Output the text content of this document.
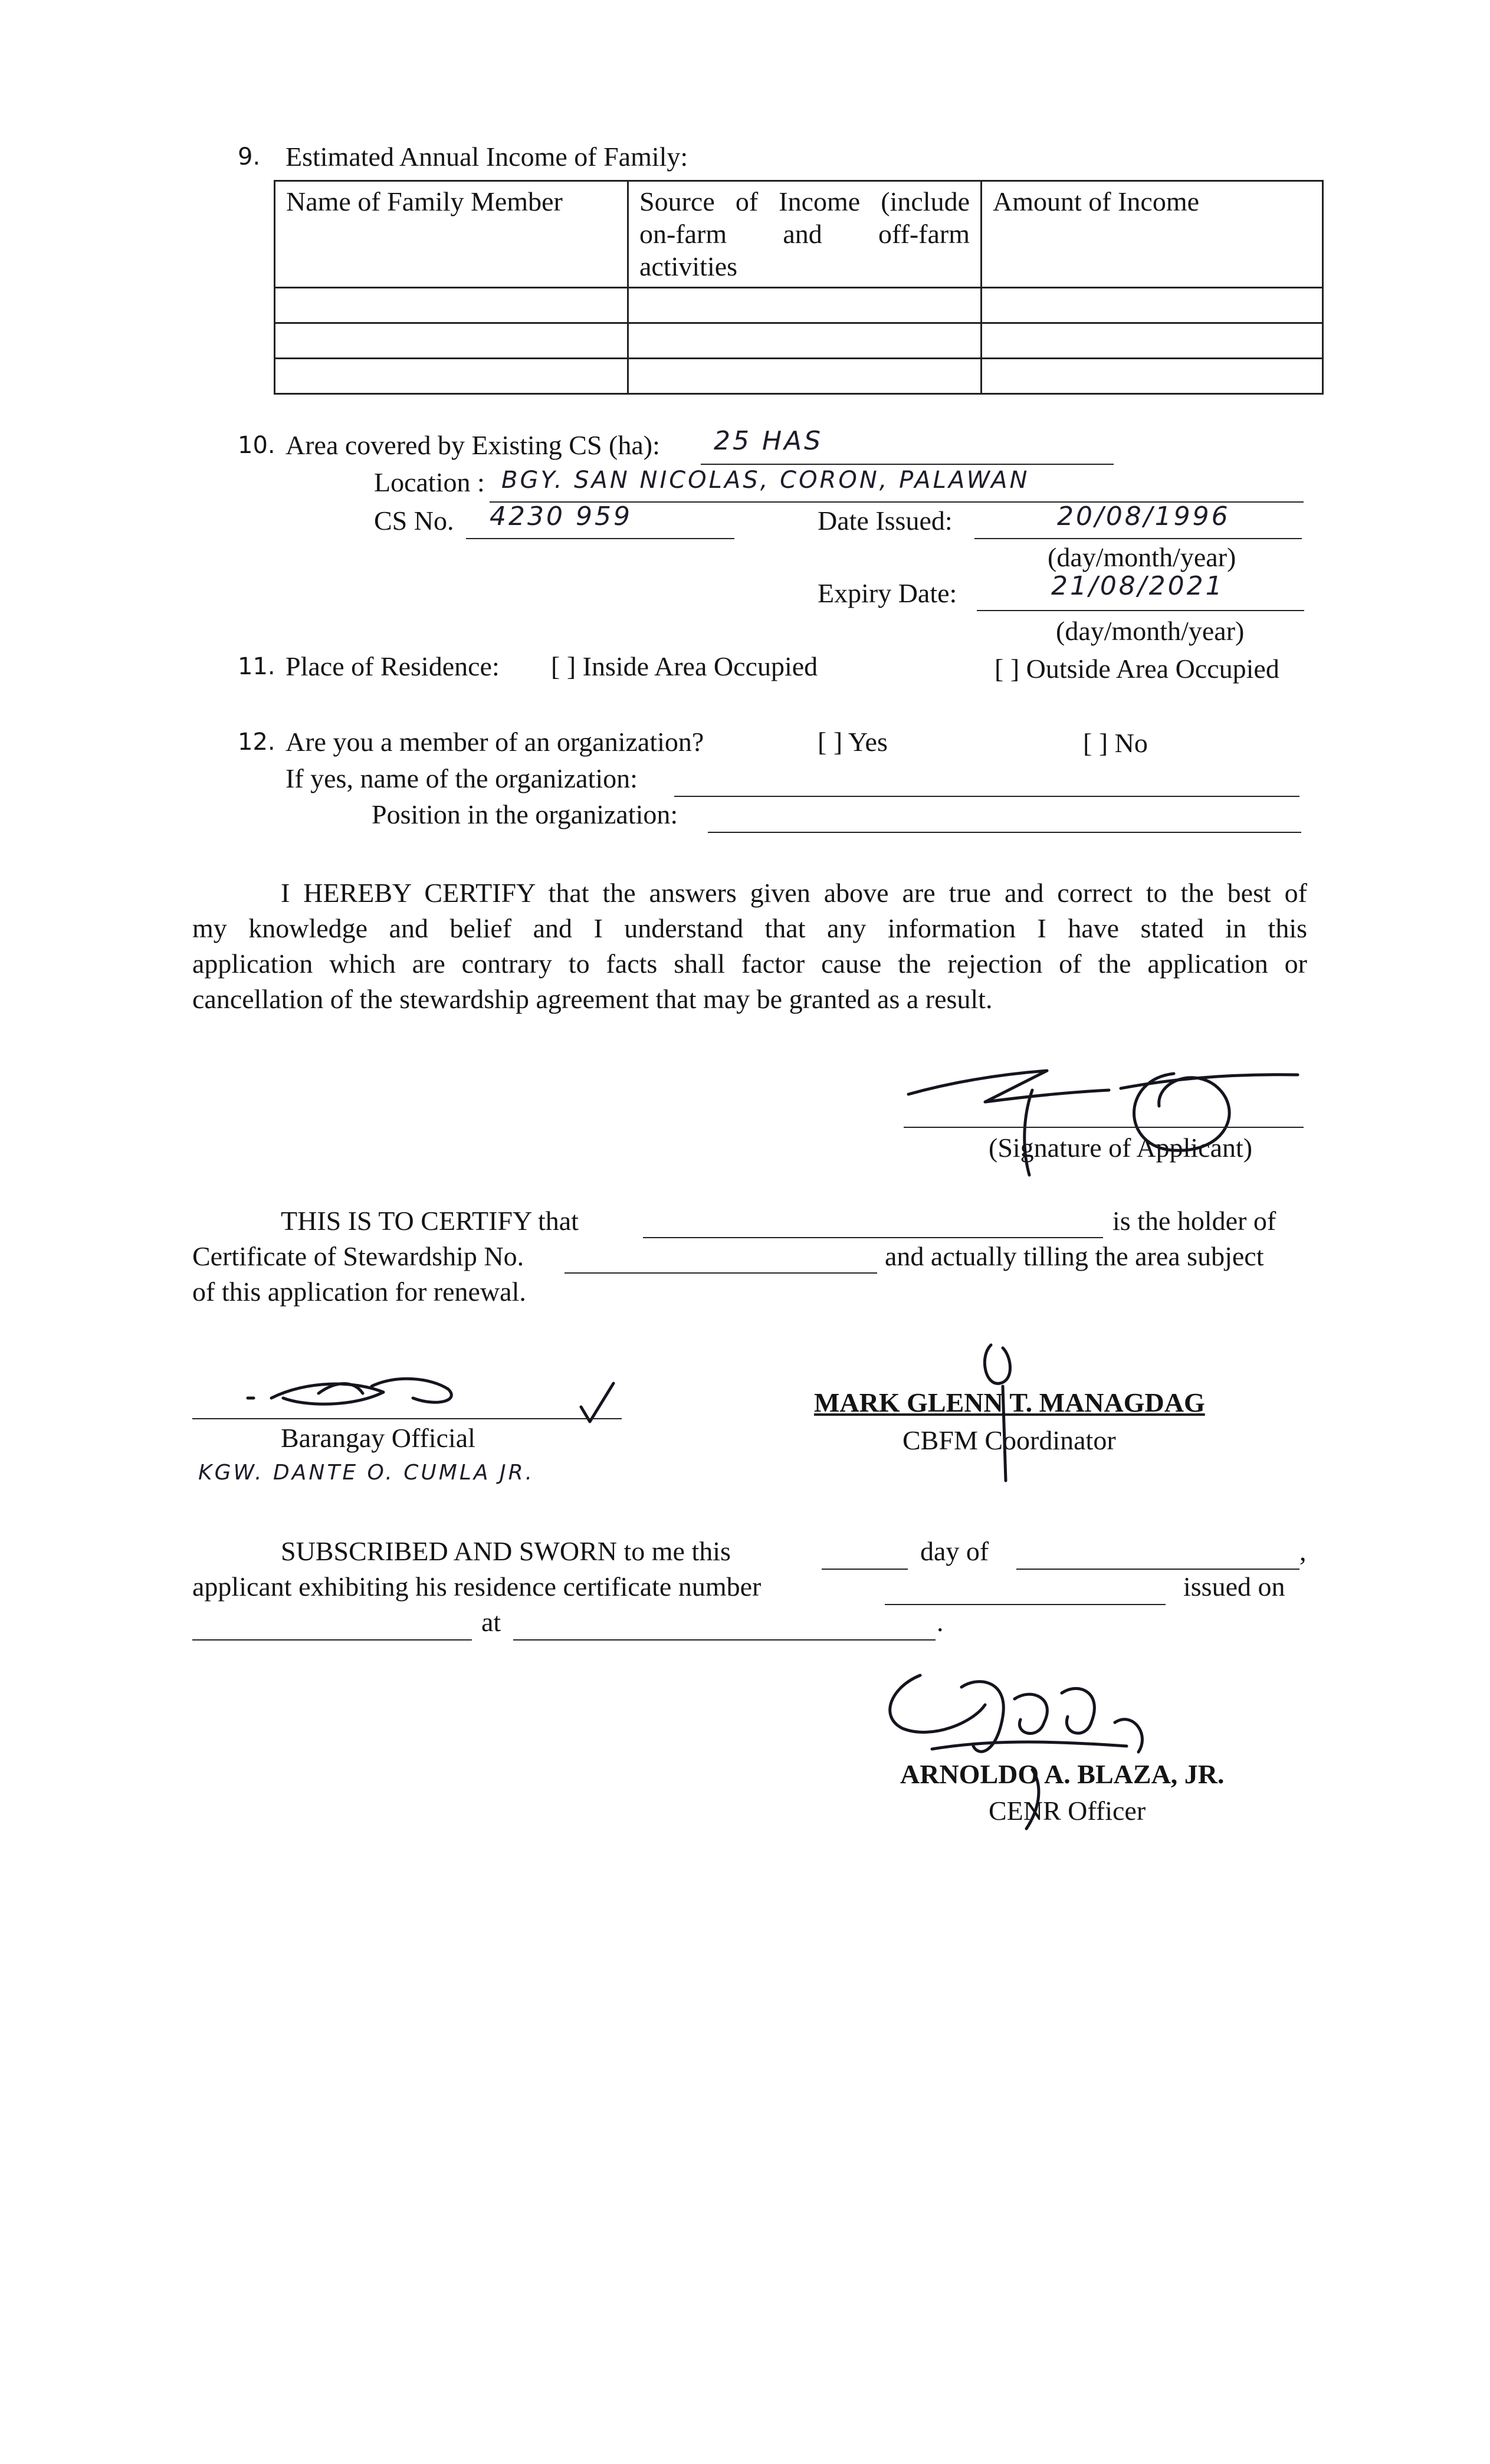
9. Estimated Annual Income of Family:
Name of Family Member	Source of Income (include on-farm and off-farm activities	Amount of Income

10. Area covered by Existing CS (ha): 25 HAS
Location : BGY. SAN NICOLAS, CORON, PALAWAN
CS No. 4230 959	Date Issued:	20/08/1996
(day/month/year)
Expiry Date:	21/08/2021
(day/month/year)
11. Place of Residence: [ ] Inside Area Occupied	[ ] Outside Area Occupied
12. Are you a member of an organization?	[ ] Yes	[ ] No
If yes, name of the organization:
Position in the organization:
I HEREBY CERTIFY that the answers given above are true and correct to the best of
my knowledge and belief and I understand that any information I have stated in this
application which are contrary to facts shall factor cause the rejection of the application or
cancellation of the stewardship agreement that may be granted as a result.
(Signature of Applicant)
THIS IS TO CERTIFY that	is the holder of
Certificate of Stewardship No.	and actually tilling the area subject
of this application for renewal.
Barangay Official
KGW. DANTE O. CUMLA JR.
MARK GLENN T. MANAGDAG
CBFM Coordinator
SUBSCRIBED AND SWORN to me this	day of	,
applicant exhibiting his residence certificate number	issued on
at	.
ARNOLDO A. BLAZA, JR.
CENR Officer
